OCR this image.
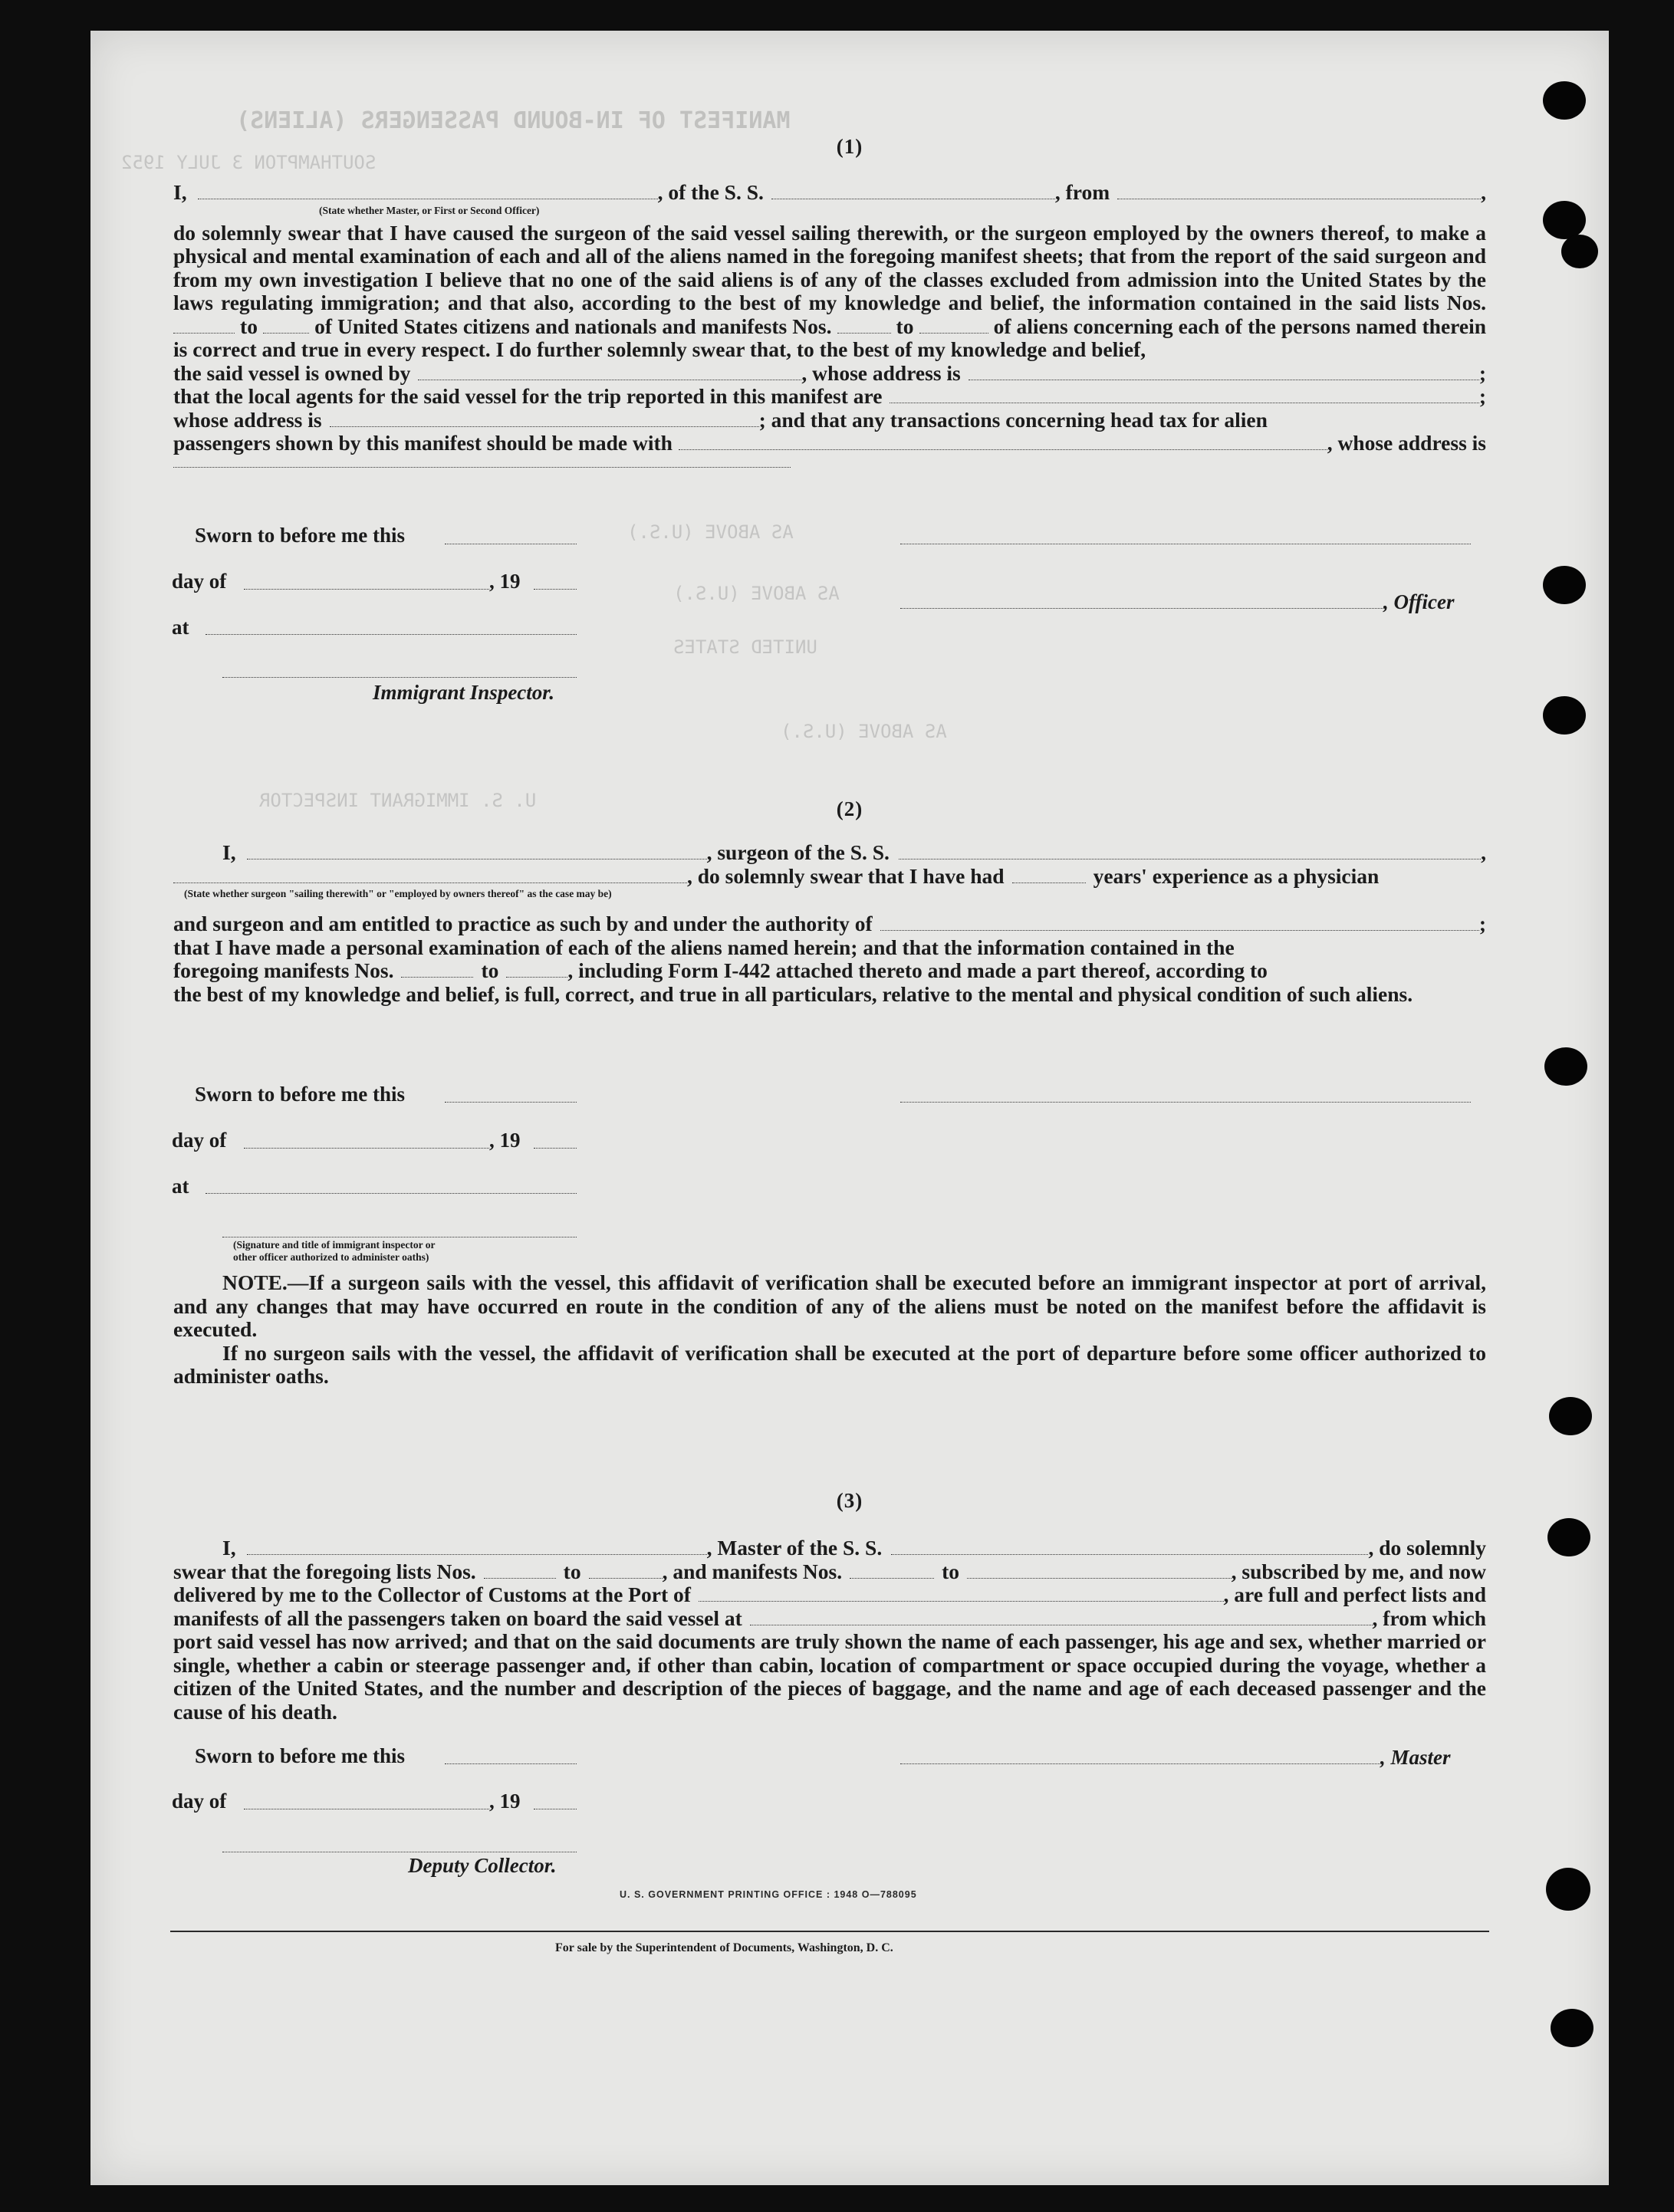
MANIFEST OF IN-BOUND PASSENGERS (ALIENS)
SOUTHAMPTON 3 JULY 1952
AS ABOVE (U.S.)
AS ABOVE (U.S.)
UNITED STATES
AS ABOVE (U.S.)
U. S. IMMIGRANT INSPECTOR
(1)
I,	, of the S. S.	, from	,
(State whether Master, or First or Second Officer)
do solemnly swear that I have caused the surgeon of the said vessel sailing therewith, or the surgeon employed by the owners thereof, to make a physical and mental examination of each and all of the aliens named in the foregoing manifest sheets; that from the report of the said surgeon and from my own investigation I believe that no one of the said aliens is of any of the classes excluded from admission into the United States by the laws regulating immigration; and that also, according to the best of my knowledge and belief, the information contained in the said lists Nos.  to	of United States citizens and nationals and manifests Nos.	to	of aliens concerning each of the persons named therein is correct and true in every respect. I do further solemnly swear that, to the best of my knowledge and belief,
the said vessel is owned by	, whose address is	;
that the local agents for the said vessel for the trip reported in this manifest are	;
whose address is	; and that any transactions concerning head tax for alien
passengers shown by this manifest should be made with	, whose address is
Sworn to before me this
day of	, 19
, Officer
at
Immigrant Inspector.
(2)
I,	, surgeon of the S. S.	,
, do solemnly swear that I have had	years' experience as a physician
(State whether surgeon "sailing therewith" or "employed by owners thereof" as the case may be)
and surgeon and am entitled to practice as such by and under the authority of	;
that I have made a personal examination of each of the aliens named herein; and that the information contained in the
foregoing manifests Nos.	to	, including Form I-442 attached thereto and made a part thereof, according to
the best of my knowledge and belief, is full, correct, and true in all particulars, relative to the mental and physical condition of such aliens.
Sworn to before me this
day of	, 19
at
(Signature and title of immigrant inspector or
other officer authorized to administer oaths)
NOTE.—If a surgeon sails with the vessel, this affidavit of verification shall be executed before an immigrant inspector at port of arrival, and any changes that may have occurred en route in the condition of any of the aliens must be noted on the manifest before the affidavit is executed.
If no surgeon sails with the vessel, the affidavit of verification shall be executed at the port of departure before some officer authorized to administer oaths.
(3)
I,	, Master of the S. S.	, do solemnly
swear that the foregoing lists Nos.	to	, and manifests Nos.	to	, subscribed by me, and now
delivered by me to the Collector of Customs at the Port of	, are full and perfect lists and
manifests of all the passengers taken on board the said vessel at	, from which
port said vessel has now arrived; and that on the said documents are truly shown the name of each passenger, his age and sex, whether married or single, whether a cabin or steerage passenger and, if other than cabin, location of compartment or space occupied during the voyage, whether a citizen of the United States, and the number and description of the pieces of baggage, and the name and age of each deceased passenger and the cause of his death.
Sworn to before me this	, Master
day of	, 19
Deputy Collector.
U. S. GOVERNMENT PRINTING OFFICE : 1948 O—788095
For sale by the Superintendent of Documents, Washington, D. C.
